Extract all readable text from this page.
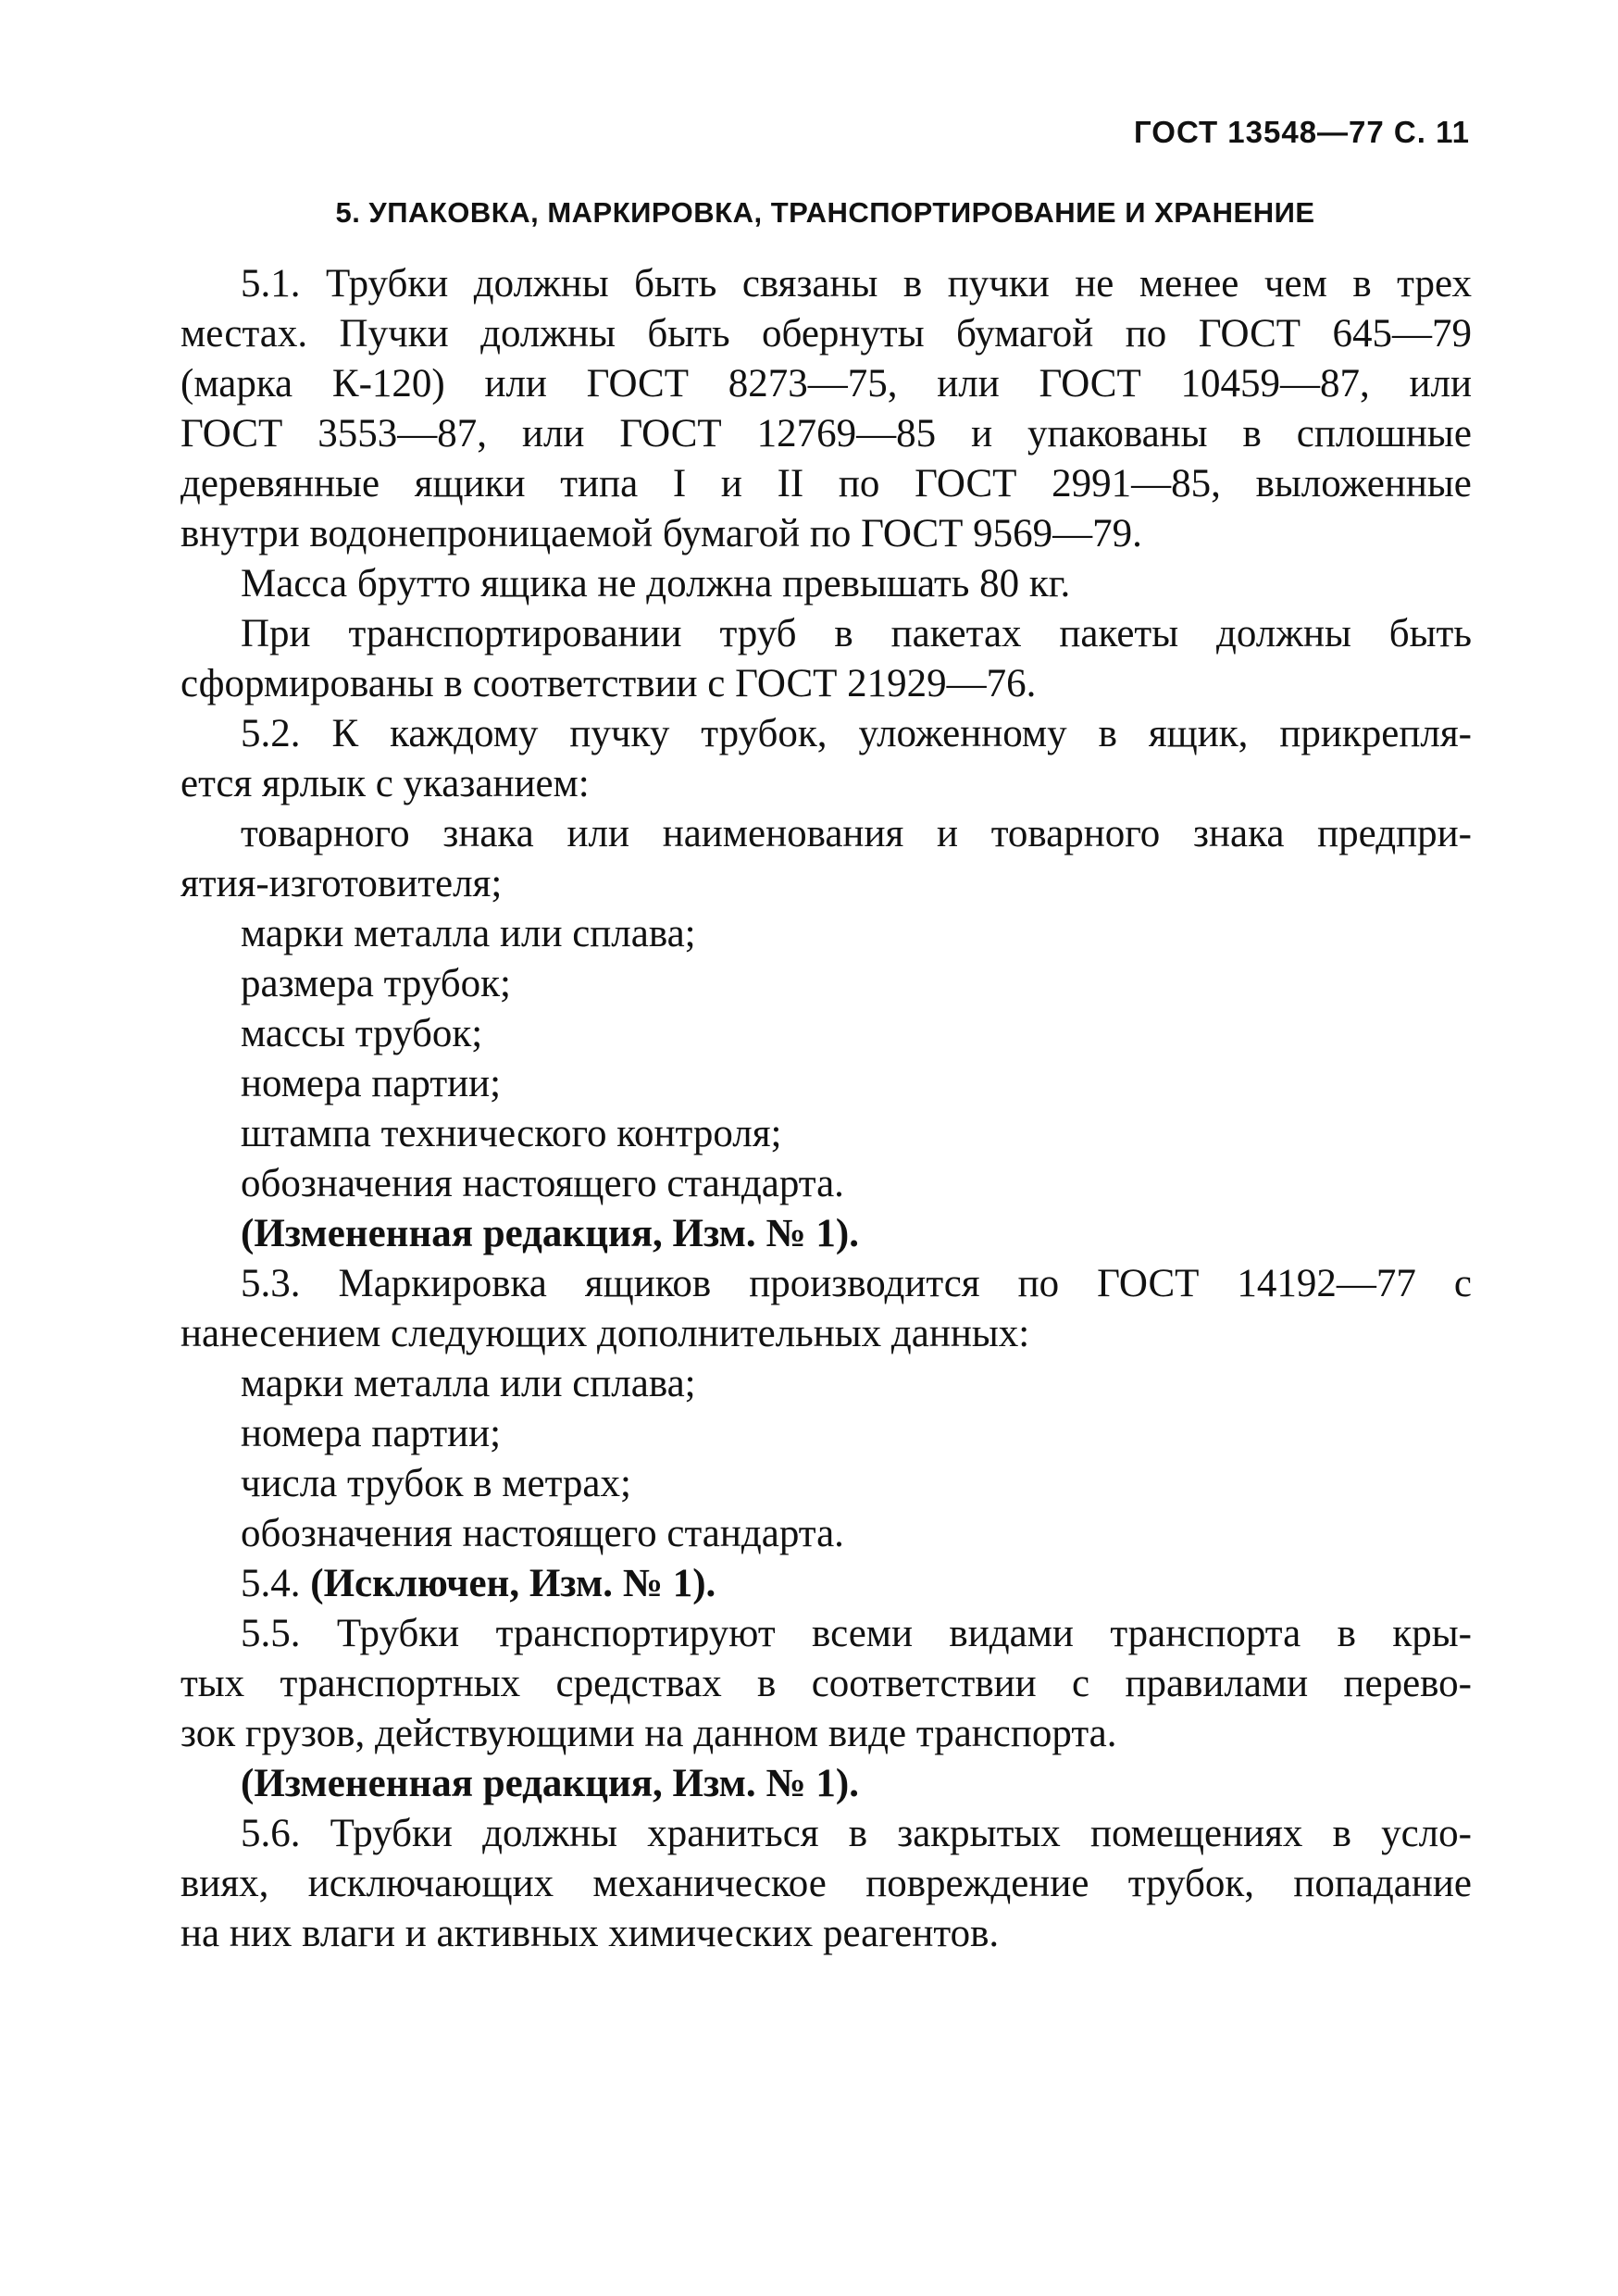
ГОСТ 13548—77 С. 11
5. УПАКОВКА, МАРКИРОВКА, ТРАНСПОРТИРОВАНИЕ И ХРАНЕНИЕ
5.1. Трубки должны быть связаны в пучки не менее чем в трех
местах. Пучки должны быть обернуты бумагой по ГОСТ 645—79
(марка К-120) или ГОСТ 8273—75, или ГОСТ 10459—87, или
ГОСТ 3553—87, или ГОСТ 12769—85 и упакованы в сплошные
деревянные ящики типа I и II по ГОСТ 2991—85, выложенные
внутри водонепроницаемой бумагой по ГОСТ 9569—79.
Масса брутто ящика не должна превышать 80 кг.
При транспортировании труб в пакетах пакеты должны быть
сформированы в соответствии с ГОСТ 21929—76.
5.2. К каждому пучку трубок, уложенному в ящик, прикрепля-
ется ярлык с указанием:
товарного знака или наименования и товарного знака предпри-
ятия-изготовителя;
марки металла или сплава;
размера трубок;
массы трубок;
номера партии;
штампа технического контроля;
обозначения настоящего стандарта.
(Измененная редакция, Изм. № 1).
5.3. Маркировка ящиков производится по ГОСТ 14192—77 с
нанесением следующих дополнительных данных:
марки металла или сплава;
номера партии;
числа трубок в метрах;
обозначения настоящего стандарта.
5.4. (Исключен, Изм. № 1).
5.5. Трубки транспортируют всеми видами транспорта в кры-
тых транспортных средствах в соответствии с правилами перево-
зок грузов, действующими на данном виде транспорта.
(Измененная редакция, Изм. № 1).
5.6. Трубки должны храниться в закрытых помещениях в усло-
виях, исключающих механическое повреждение трубок, попадание
на них влаги и активных химических реагентов.
